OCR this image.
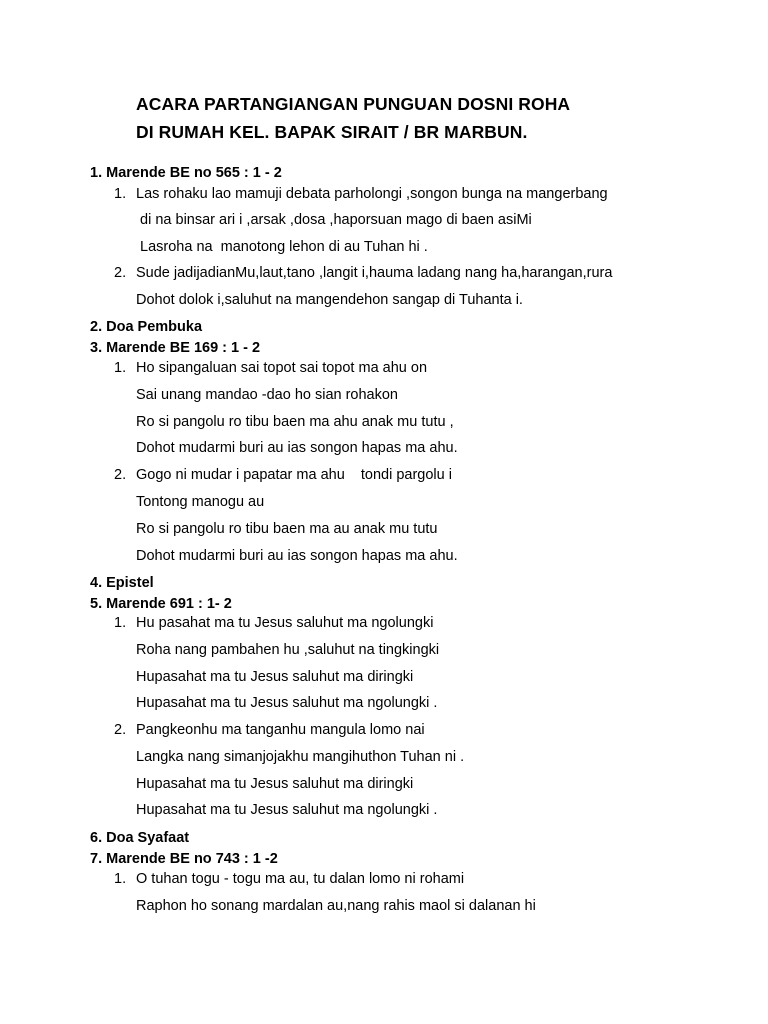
ACARA PARTANGIANGAN PUNGUAN DOSNI ROHA
DI RUMAH KEL. BAPAK SIRAIT / BR MARBUN.
1. Marende BE no 565 : 1 - 2
1. Las rohaku lao mamuji debata parholongi ,songon bunga na mangerbang
di na binsar ari i ,arsak ,dosa ,haporsuan mago di baen asiMi
Lasroha na  manotong lehon di au Tuhan hi .
2. Sude jadijadianMu,laut,tano ,langit i,hauma ladang nang ha,harangan,rura
Dohot dolok i,saluhut na mangendehon sangap di Tuhanta i.
2. Doa Pembuka
3. Marende BE 169 : 1 - 2
1. Ho sipangaluan sai topot sai topot ma ahu on
Sai unang mandao -dao ho sian rohakon
Ro si pangolu ro tibu baen ma ahu anak mu tutu ,
Dohot mudarmi buri au ias songon hapas ma ahu.
2. Gogo ni mudar i papatar ma ahu    tondi pargolu i
Tontong manogu au
Ro si pangolu ro tibu baen ma au anak mu tutu
Dohot mudarmi buri au ias songon hapas ma ahu.
4. Epistel
5. Marende 691 : 1- 2
1. Hu pasahat ma tu Jesus saluhut ma ngolungki
Roha nang pambahen hu ,saluhut na tingkingki
Hupasahat ma tu Jesus saluhut ma diringki
Hupasahat ma tu Jesus saluhut ma ngolungki .
2. Pangkeonhu ma tanganhu mangula lomo nai
Langka nang simanjojakhu mangihuthon Tuhan ni .
Hupasahat ma tu Jesus saluhut ma diringki
Hupasahat ma tu Jesus saluhut ma ngolungki .
6. Doa Syafaat
7. Marende BE no 743 : 1 -2
1. O tuhan togu - togu ma au, tu dalan lomo ni rohami
Raphon ho sonang mardalan au,nang rahis maol si dalanan hi
